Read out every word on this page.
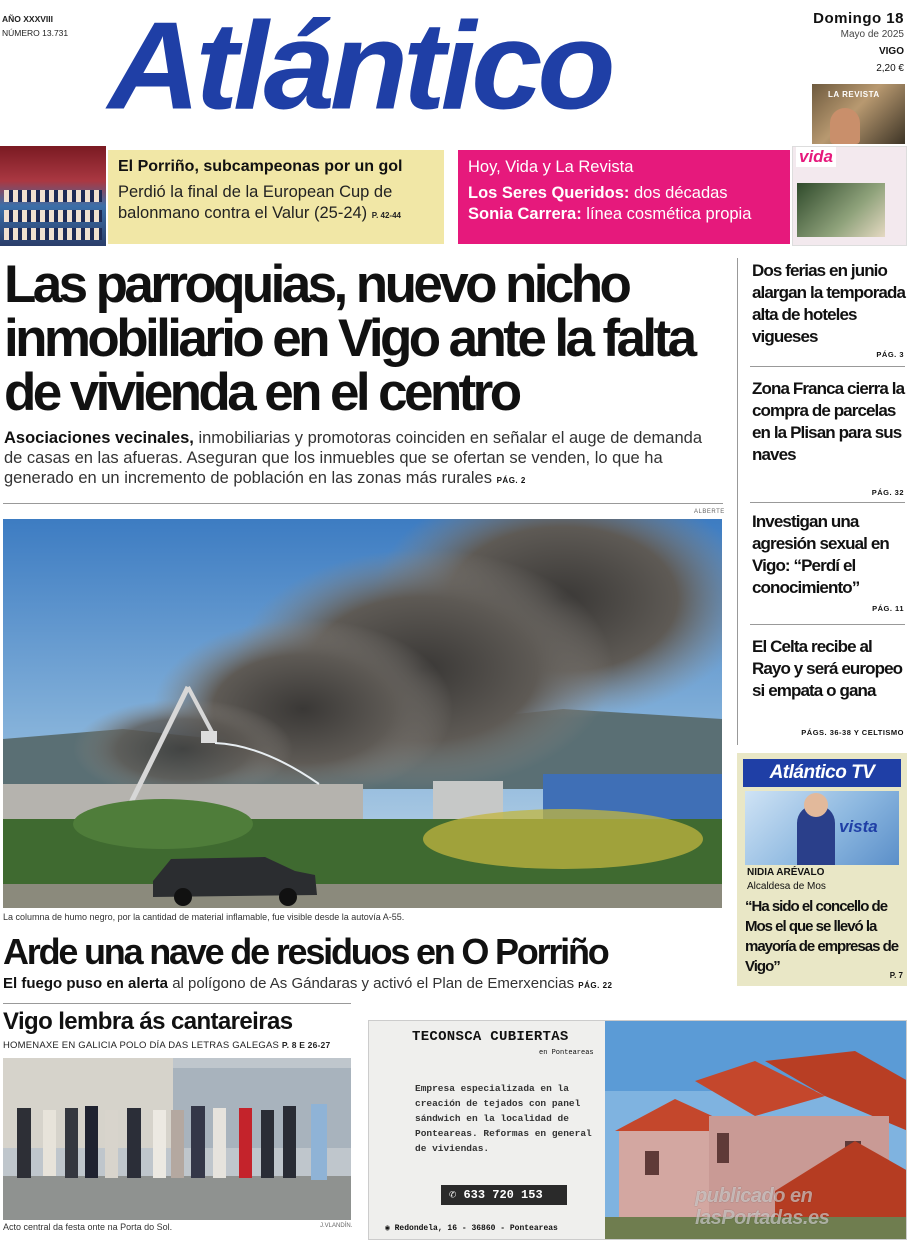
AÑO XXXVIII
NÚMERO 13.731 Atlántico	Domingo 18
Mayo de 2025
VIGO
2,20 €
LA REVISTA
El Porriño, subcampeonas por un gol

Perdió la final de la European Cup de balonmano contra el Valur (25-24) P. 42-44

Hoy, Vida y La Revista

Los Seres Queridos: dos décadas
Sonia Carrera: línea cosmética propia

vida
Las parroquias, nuevo nicho inmobiliario en Vigo ante la falta de vivienda en el centro
Asociaciones vecinales, inmobiliarias y promotoras coinciden en señalar el auge de demanda de casas en las afueras. Aseguran que los inmuebles que se ofertan se venden, lo que ha generado en un incremento de población en las zonas más rurales PÁG. 2
ALBERTE
La columna de humo negro, por la cantidad de material inflamable, fue visible desde la autovía A-55.
Arde una nave de residuos en O Porriño
El fuego puso en alerta al polígono de As Gándaras y activó el Plan de Emerxencias PÁG. 22
Dos ferias en junio alargan la temporada alta de hoteles vigueses
PÁG. 3
Zona Franca cierra la compra de parcelas en la Plisan para sus naves
PÁG. 32
Investigan una agresión sexual en Vigo: “Perdí el conocimiento”
PÁG. 11
El Celta recibe al Rayo y será europeo si empata o gana
PÁGS. 36-38 Y CELTISMO
Atlántico TV
vista
NIDIA ARÉVALO
Alcaldesa de Mos
“Ha sido el concello de Mos el que se llevó la mayoría de empresas de Vigo”
P. 7
Vigo lembra ás cantareiras
HOMENAXE EN GALICIA POLO DÍA DAS LETRAS GALEGAS P. 8 E 26-27
Acto central da festa onte na Porta do Sol.	J.VLANDÍN.
TECONSCA CUBIERTAS
en Ponteareas
Empresa especializada en la creación de tejados con panel sándwich en la localidad de Ponteareas. Reformas en general de viviendas.
✆ 633 720 153
◉ Redondela, 16 - 36860 - Ponteareas
publicado en
lasPortadas.es
